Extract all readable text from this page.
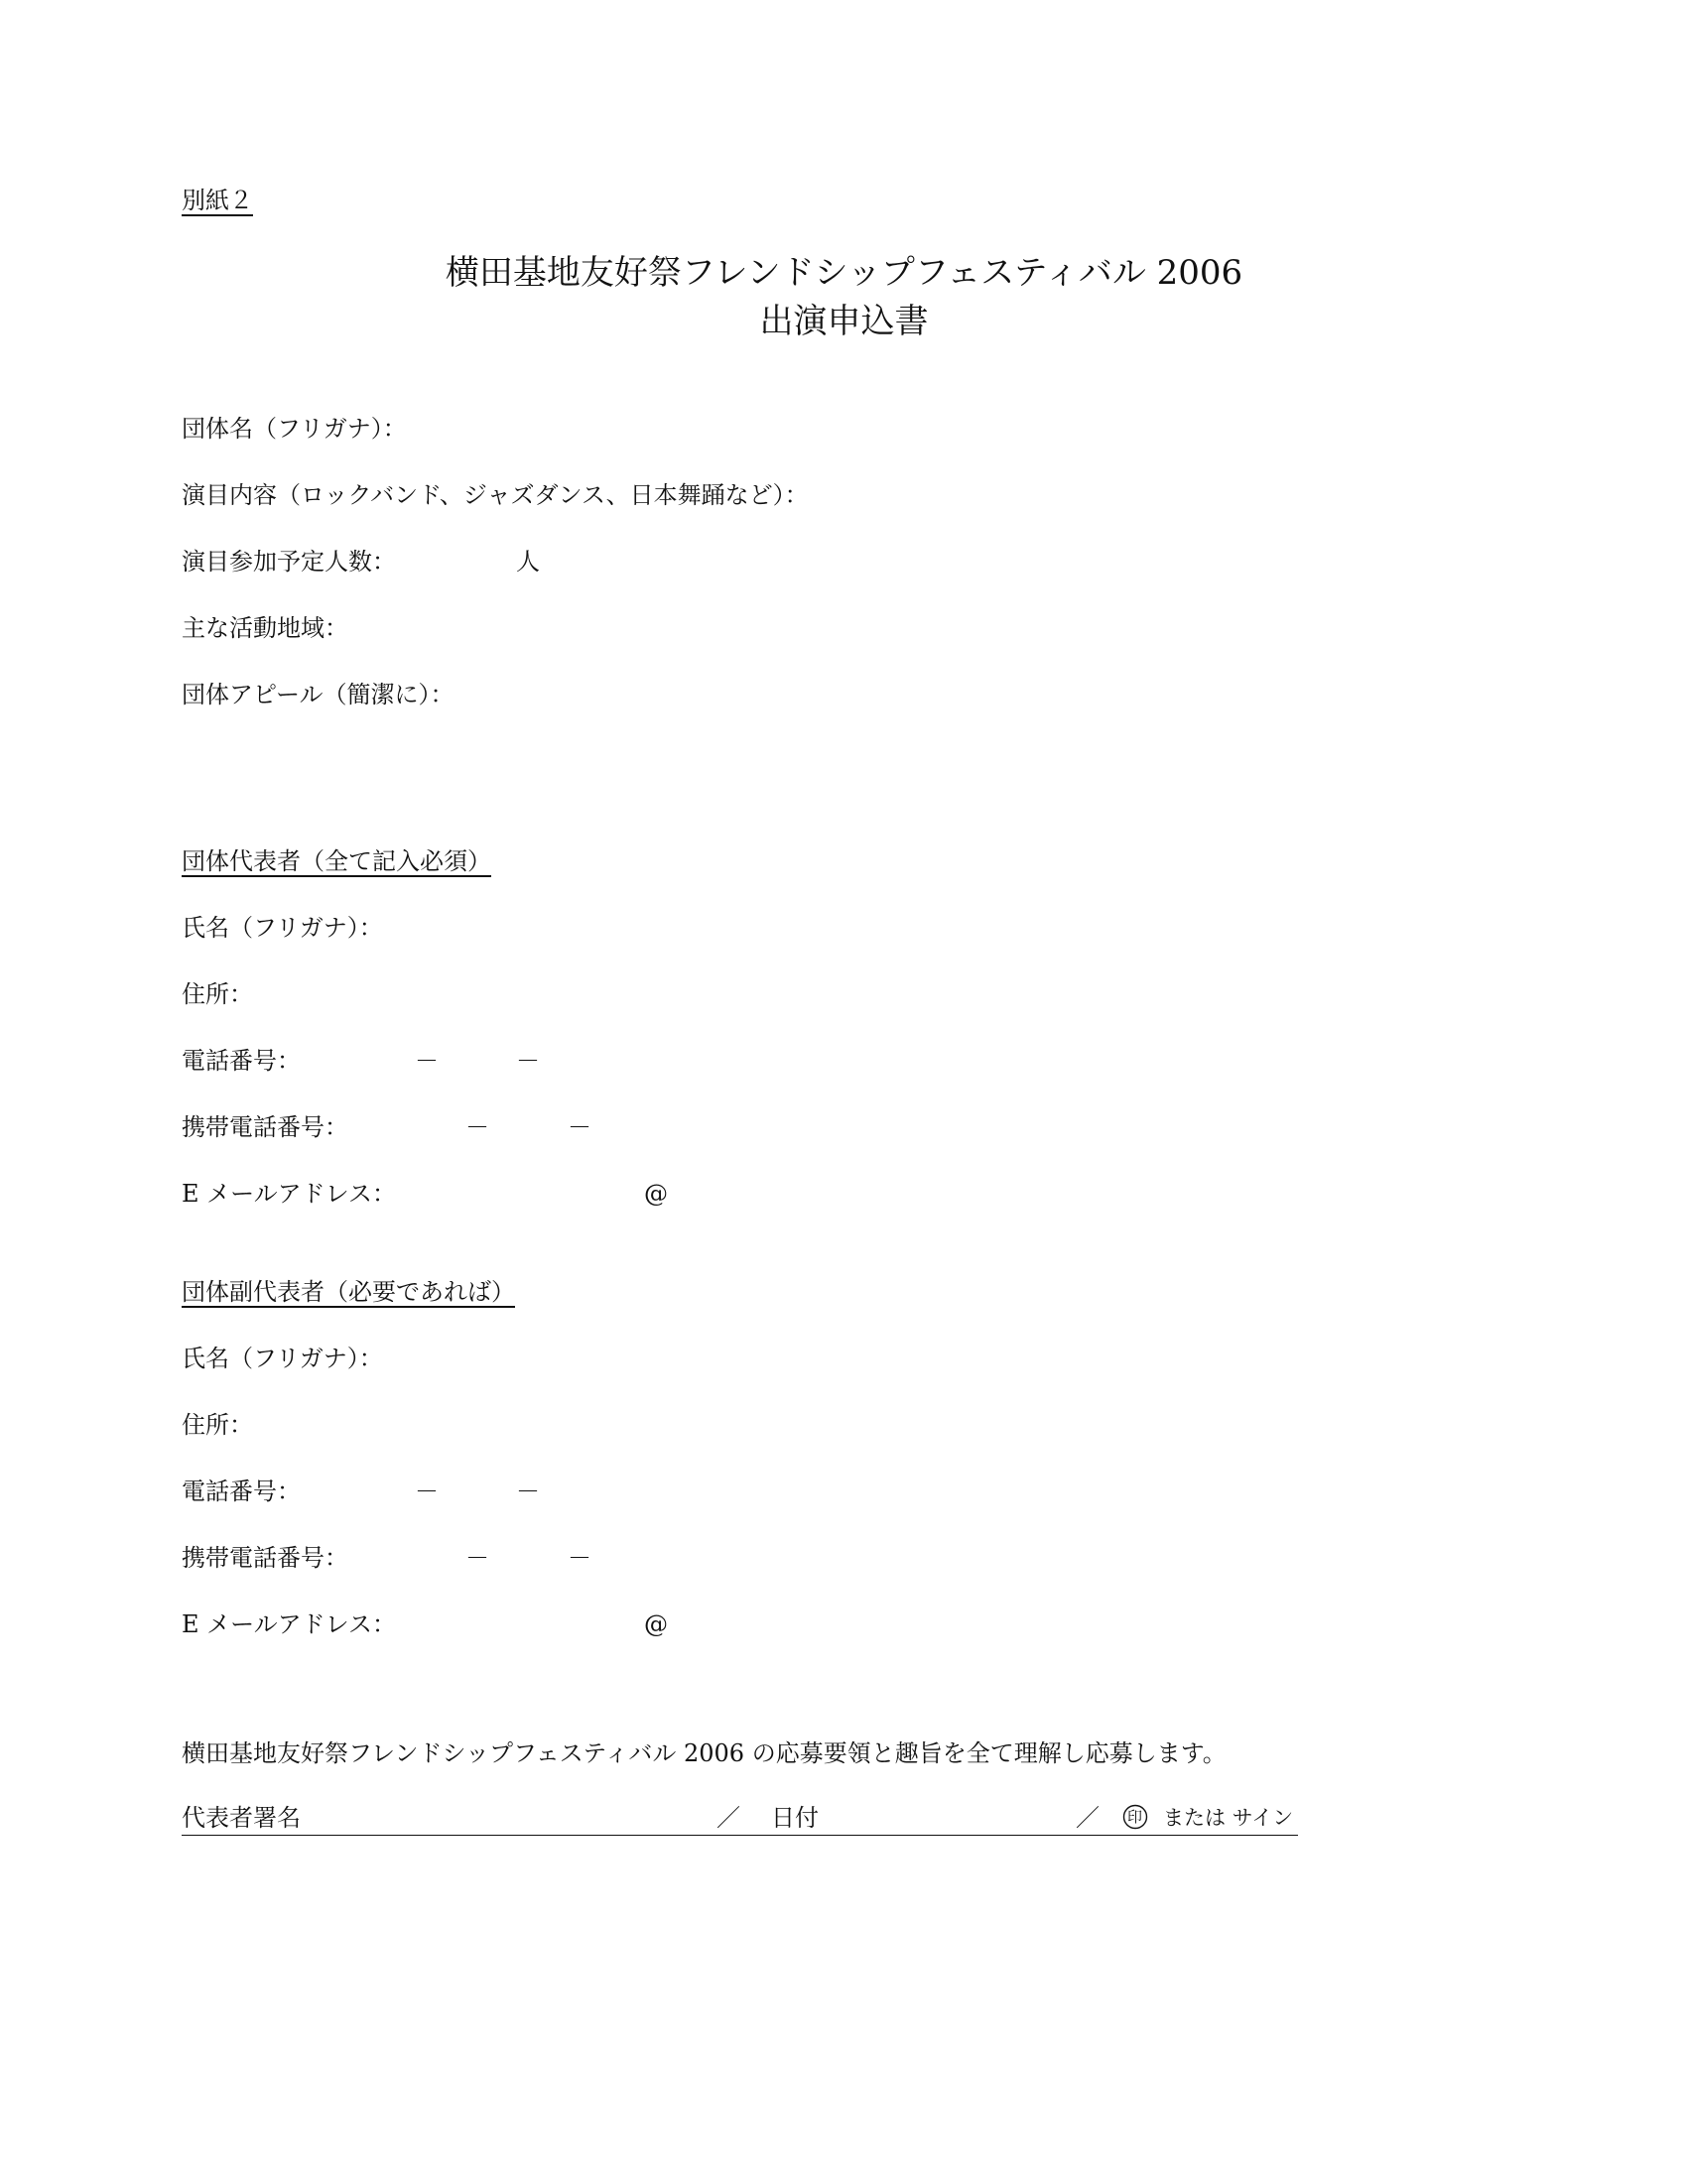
別紙２
横田基地友好祭フレンドシップフェスティバル 2006
出演申込書
団体名（フリガナ）：
演目内容（ロックバンド、ジャズダンス、日本舞踊など）：
演目参加予定人数：	人
主な活動地域：
団体アピール（簡潔に）：
団体代表者（全て記入必須）
氏名（フリガナ）：
住所：
電話番号：	－	－
携帯電話番号：	－	－
E メールアドレス：	@
団体副代表者（必要であれば）
氏名（フリガナ）：
住所：
電話番号：	－	－
携帯電話番号：	－	－
E メールアドレス：	@
横田基地友好祭フレンドシップフェスティバル 2006 の応募要領と趣旨を全て理解し応募します。
代表者署名	／ 日付	／ 印 または サイン
